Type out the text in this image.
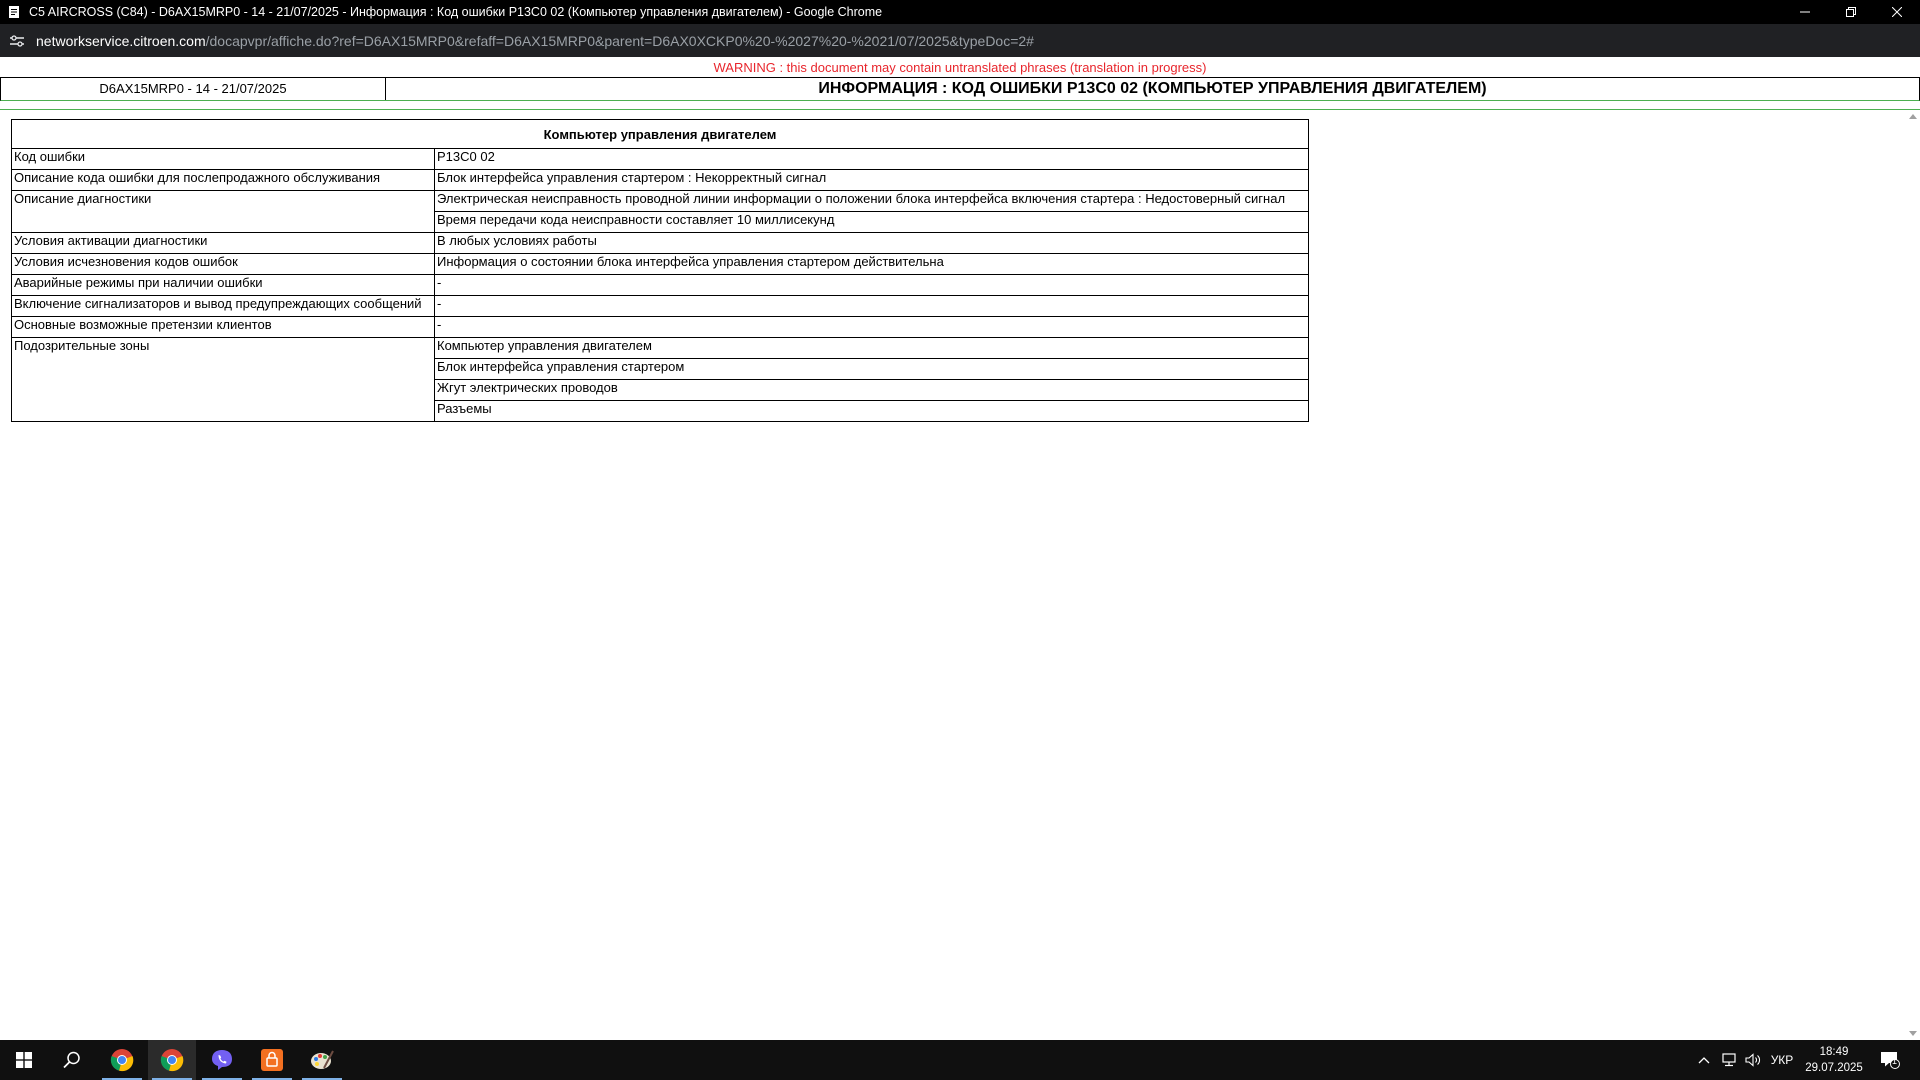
C5 AIRCROSS (C84) - D6AX15MRP0 - 14 - 21/07/2025 - Информация : Код ошибки P13C0 02 (Компьютер управления двигателем) - Google Chrome
networkservice.citroen.com/docapvpr/affiche.do?ref=D6AX15MRP0&refaff=D6AX15MRP0&parent=D6AX0XCKP0%20-%2027%20-%2021/07/2025&typeDoc=2#
WARNING : this document may contain untranslated phrases (translation in progress)
D6AX15MRP0 - 14 - 21/07/2025	ИНФОРМАЦИЯ : КОД ОШИБКИ P13C0 02 (КОМПЬЮТЕР УПРАВЛЕНИЯ ДВИГАТЕЛЕМ)
Компьютер управления двигателем	
Код ошибки	P13C0 02
Описание кода ошибки для послепродажного обслуживания	Блок интерфейса управления стартером : Некорректный сигнал
Описание диагностики	Электрическая неисправность проводной линии информации о положении блока интерфейса включения стартера : Недостоверный сигнал
	Время передачи кода неисправности составляет 10 миллисекунд
Условия активации диагностики	В любых условиях работы
Условия исчезновения кодов ошибок	Информация о состоянии блока интерфейса управления стартером действительна
Аварийные режимы при наличии ошибки	-
Включение сигнализаторов и вывод предупреждающих сообщений	-
Основные возможные претензии клиентов	-
Подозрительные зоны	Компьютер управления двигателем
	Блок интерфейса управления стартером
	Жгут электрических проводов
	Разъемы
УКР
18:49
29.07.2025
1
